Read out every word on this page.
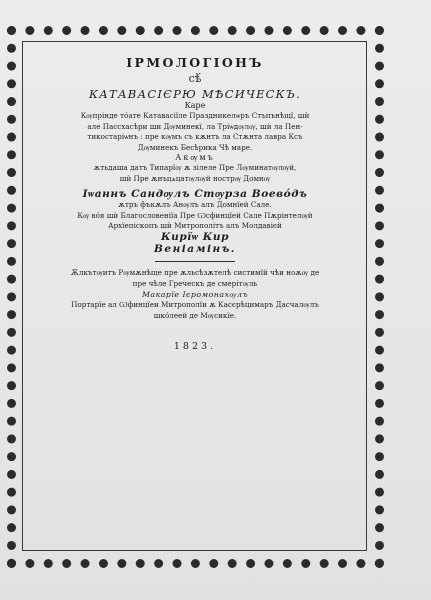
ІРМОЛОГІОНЪ
сѣ́
КАТАВАСІЄРЮ МѢСИЧЕСКЪ.
Каре
Кѹпрінде тóате Катавасіїле Праздникелѡръ Стъпънѣщї, шѝ
але Пассхасѣри ши Дѹминекї, ла Тріѡдѹлѹ, шѝ ла Пен-
тикостаріѡнъ : пре кѹмъ съ кѫнтъ ла Стѫнта лавра Ксъ
Дѹминекъ Бесѣрика Чѣ маре.
Акѹмъ
ѫтьдаша датъ Типарїѹ ѫ зілеле Пре Лѹминатѹлѹй,
шѝ Пре ѫнъцѧцатѹлѹй нострѹ Домнѹ
Іѡаннъ Сандѹлъ Стѹрза Воевóдъ
ѫтръ фъкѫлъ Анѹлъ алъ Домнїей Сале.
Кѹ вóя шѝ Благословеніїа Пре Ѡсфинцїей Сале Пѫрінтелѹй
Архїепіскопъ шѝ Митрополітъ алъ Молдавієй
Кирїѡ Кир
Веніамінъ.
Ѫлкътѹитъ Рѹмѫнѣще пре ѫльсѣзѫтелѣ систимїй чѣи ноѫѹ де
пре чѣле Греческъ де смерітѹль
Макарїе Ієромонахѹлъ
Портарїе ал Ѡфинцїеи Митрополїи ѫ Касєрѣцимаръ Дасчалѹлъ
шкóлеей де Мѹсикїе.
1823.
